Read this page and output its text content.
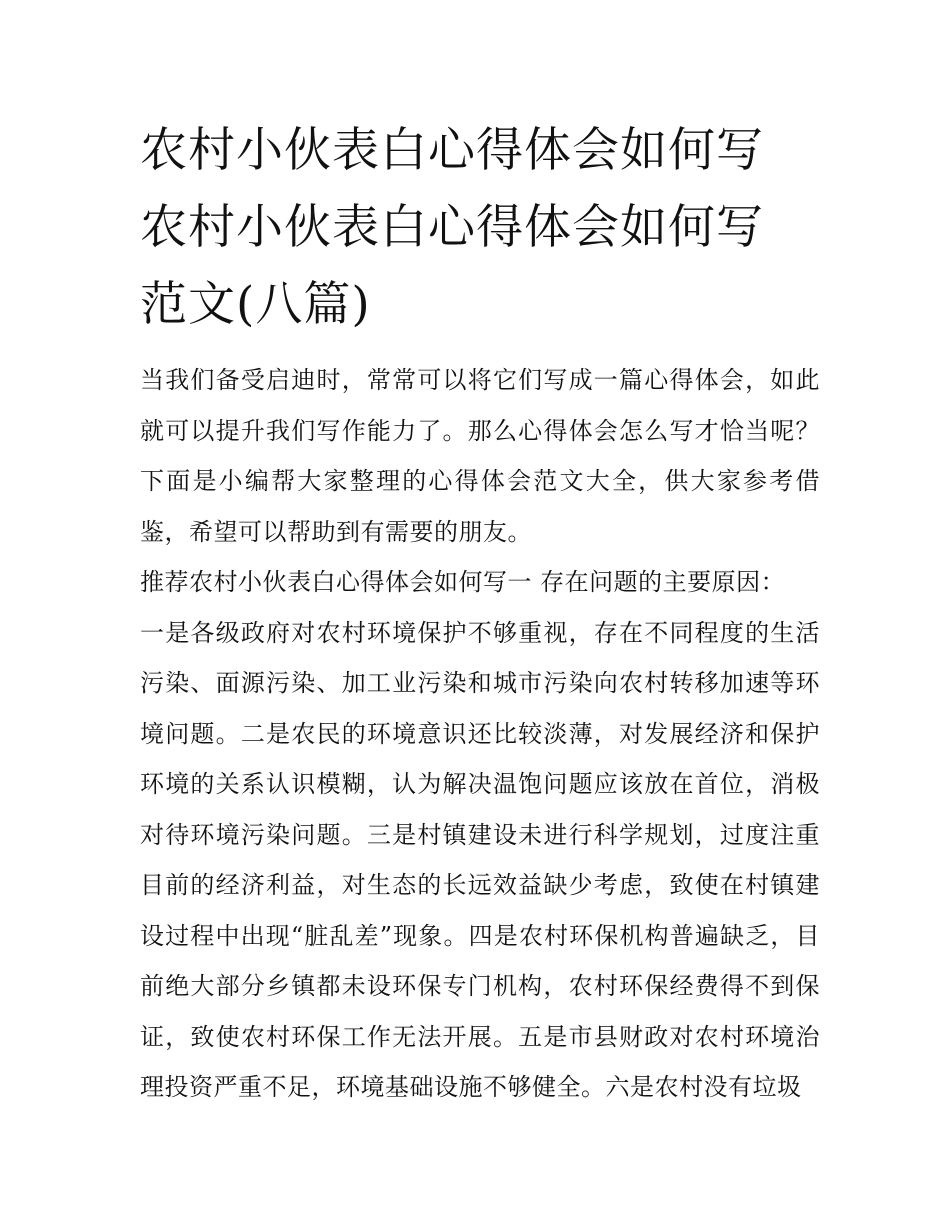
农村小伙表白心得体会如何写
农村小伙表白心得体会如何写
范文(八篇)

当我们备受启迪时，常常可以将它们写成一篇心得体会，如此就可以提升我们写作能力了。那么心得体会怎么写才恰当呢？下面是小编帮大家整理的心得体会范文大全，供大家参考借鉴，希望可以帮助到有需要的朋友。

推荐农村小伙表白心得体会如何写一 存在问题的主要原因：

一是各级政府对农村环境保护不够重视，存在不同程度的生活污染、面源污染、加工业污染和城市污染向农村转移加速等环境问题。二是农民的环境意识还比较淡薄，对发展经济和保护环境的关系认识模糊，认为解决温饱问题应该放在首位，消极对待环境污染问题。三是村镇建设未进行科学规划，过度注重目前的经济利益，对生态的长远效益缺少考虑，致使在村镇建设过程中出现“脏乱差”现象。四是农村环保机构普遍缺乏，目前绝大部分乡镇都未设环保专门机构，农村环保经费得不到保证，致使农村环保工作无法开展。五是市县财政对农村环境治理投资严重不足，环境基础设施不够健全。六是农村没有垃圾
